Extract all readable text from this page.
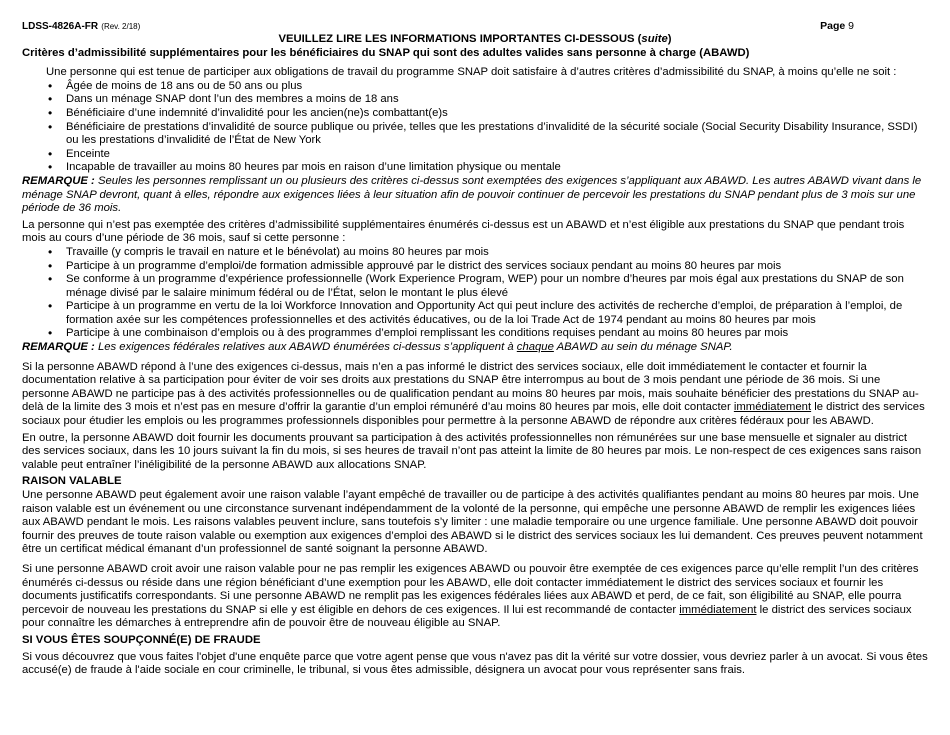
LDSS-4826A-FR (Rev. 2/18)	Page 9
VEUILLEZ LIRE LES INFORMATIONS IMPORTANTES CI-DESSOUS (suite)
Critères d’admissibilité supplémentaires pour les bénéficiaires du SNAP qui sont des adultes valides sans personne à charge (ABAWD)

Une personne qui est tenue de participer aux obligations de travail du programme SNAP doit satisfaire à d’autres critères d’admissibilité du SNAP, à moins qu’elle ne soit :

• Âgée de moins de 18 ans ou de 50 ans ou plus
• Dans un ménage SNAP dont l’un des membres a moins de 18 ans
• Bénéficiaire d’une indemnité d’invalidité pour les ancien(ne)s combattant(e)s
• Bénéficiaire de prestations d’invalidité de source publique ou privée, telles que les prestations d’invalidité de la sécurité sociale (Social Security Disability Insurance, SSDI) ou les prestations d’invalidité de l’État de New York
• Enceinte
• Incapable de travailler au moins 80 heures par mois en raison d’une limitation physique ou mentale

REMARQUE : Seules les personnes remplissant un ou plusieurs des critères ci-dessus sont exemptées des exigences s’appliquant aux ABAWD. Les autres ABAWD vivant dans le ménage SNAP devront, quant à elles, répondre aux exigences liées à leur situation afin de pouvoir continuer de percevoir les prestations du SNAP pendant plus de 3 mois sur une période de 36 mois.

La personne qui n’est pas exemptée des critères d’admissibilité supplémentaires énumérés ci-dessus est un ABAWD et n’est éligible aux prestations du SNAP que pendant trois mois au cours d’une période de 36 mois, sauf si cette personne :

• Travaille (y compris le travail en nature et le bénévolat) au moins 80 heures par mois
• Participe à un programme d’emploi/de formation admissible approuvé par le district des services sociaux pendant au moins 80 heures par mois
• Se conforme à un programme d’expérience professionnelle (Work Experience Program, WEP) pour un nombre d’heures par mois égal aux prestations du SNAP de son ménage divisé par le salaire minimum fédéral ou de l’État, selon le montant le plus élevé
• Participe à un programme en vertu de la loi Workforce Innovation and Opportunity Act qui peut inclure des activités de recherche d’emploi, de préparation à l’emploi, de formation axée sur les compétences professionnelles et des activités éducatives, ou de la loi Trade Act de 1974 pendant au moins 80 heures par mois
• Participe à une combinaison d’emplois ou à des programmes d’emploi remplissant les conditions requises pendant au moins 80 heures par mois

REMARQUE : Les exigences fédérales relatives aux ABAWD énumérées ci-dessus s’appliquent à chaque ABAWD au sein du ménage SNAP.

Si la personne ABAWD répond à l’une des exigences ci-dessus, mais n’en a pas informé le district des services sociaux, elle doit immédiatement le contacter et fournir la documentation relative à sa participation pour éviter de voir ses droits aux prestations du SNAP être interrompus au bout de 3 mois pendant une période de 36 mois. Si une personne ABAWD ne participe pas à des activités professionnelles ou de qualification pendant au moins 80 heures par mois, mais souhaite bénéficier des prestations du SNAP au-delà de la limite des 3 mois et n’est pas en mesure d’offrir la garantie d’un emploi rémunéré d’au moins 80 heures par mois, elle doit contacter immédiatement le district des services sociaux pour étudier les emplois ou les programmes professionnels disponibles pour permettre à la personne ABAWD de répondre aux critères fédéraux pour les ABAWD.

En outre, la personne ABAWD doit fournir les documents prouvant sa participation à des activités professionnelles non rémunérées sur une base mensuelle et signaler au district des services sociaux, dans les 10 jours suivant la fin du mois, si ses heures de travail n’ont pas atteint la limite de 80 heures par mois. Le non-respect de ces exigences sans raison valable peut entraîner l’inéligibilité de la personne ABAWD aux allocations SNAP.

RAISON VALABLE

Une personne ABAWD peut également avoir une raison valable l’ayant empêché de travailler ou de participe à des activités qualifiantes pendant au moins 80 heures par mois. Une raison valable est un événement ou une circonstance survenant indépendamment de la volonté de la personne, qui empêche une personne ABAWD de remplir les exigences liées aux ABAWD pendant le mois. Les raisons valables peuvent inclure, sans toutefois s’y limiter : une maladie temporaire ou une urgence familiale. Une personne ABAWD doit pouvoir fournir des preuves de toute raison valable ou exemption aux exigences d’emploi des ABAWD si le district des services sociaux les lui demandent. Ces preuves peuvent notamment être un certificat médical émanant d’un professionnel de santé soignant la personne ABAWD.

Si une personne ABAWD croit avoir une raison valable pour ne pas remplir les exigences ABAWD ou pouvoir être exemptée de ces exigences parce qu’elle remplit l’un des critères énumérés ci-dessus ou réside dans une région bénéficiant d’une exemption pour les ABAWD, elle doit contacter immédiatement le district des services sociaux et fournir les documents justificatifs correspondants. Si une personne ABAWD ne remplit pas les exigences fédérales liées aux ABAWD et perd, de ce fait, son éligibilité au SNAP, elle pourra percevoir de nouveau les prestations du SNAP si elle y est éligible en dehors de ces exigences. Il lui est recommandé de contacter immédiatement le district des services sociaux pour connaître les démarches à entreprendre afin de pouvoir être de nouveau éligible au SNAP.

SI VOUS ÊTES SOUPÇONNÉ(E) DE FRAUDE

Si vous découvrez que vous faites l'objet d'une enquête parce que votre agent pense que vous n'avez pas dit la vérité sur votre dossier, vous devriez parler à un avocat. Si vous êtes accusé(e) de fraude à l'aide sociale en cour criminelle, le tribunal, si vous êtes admissible, désignera un avocat pour vous représenter sans frais.
